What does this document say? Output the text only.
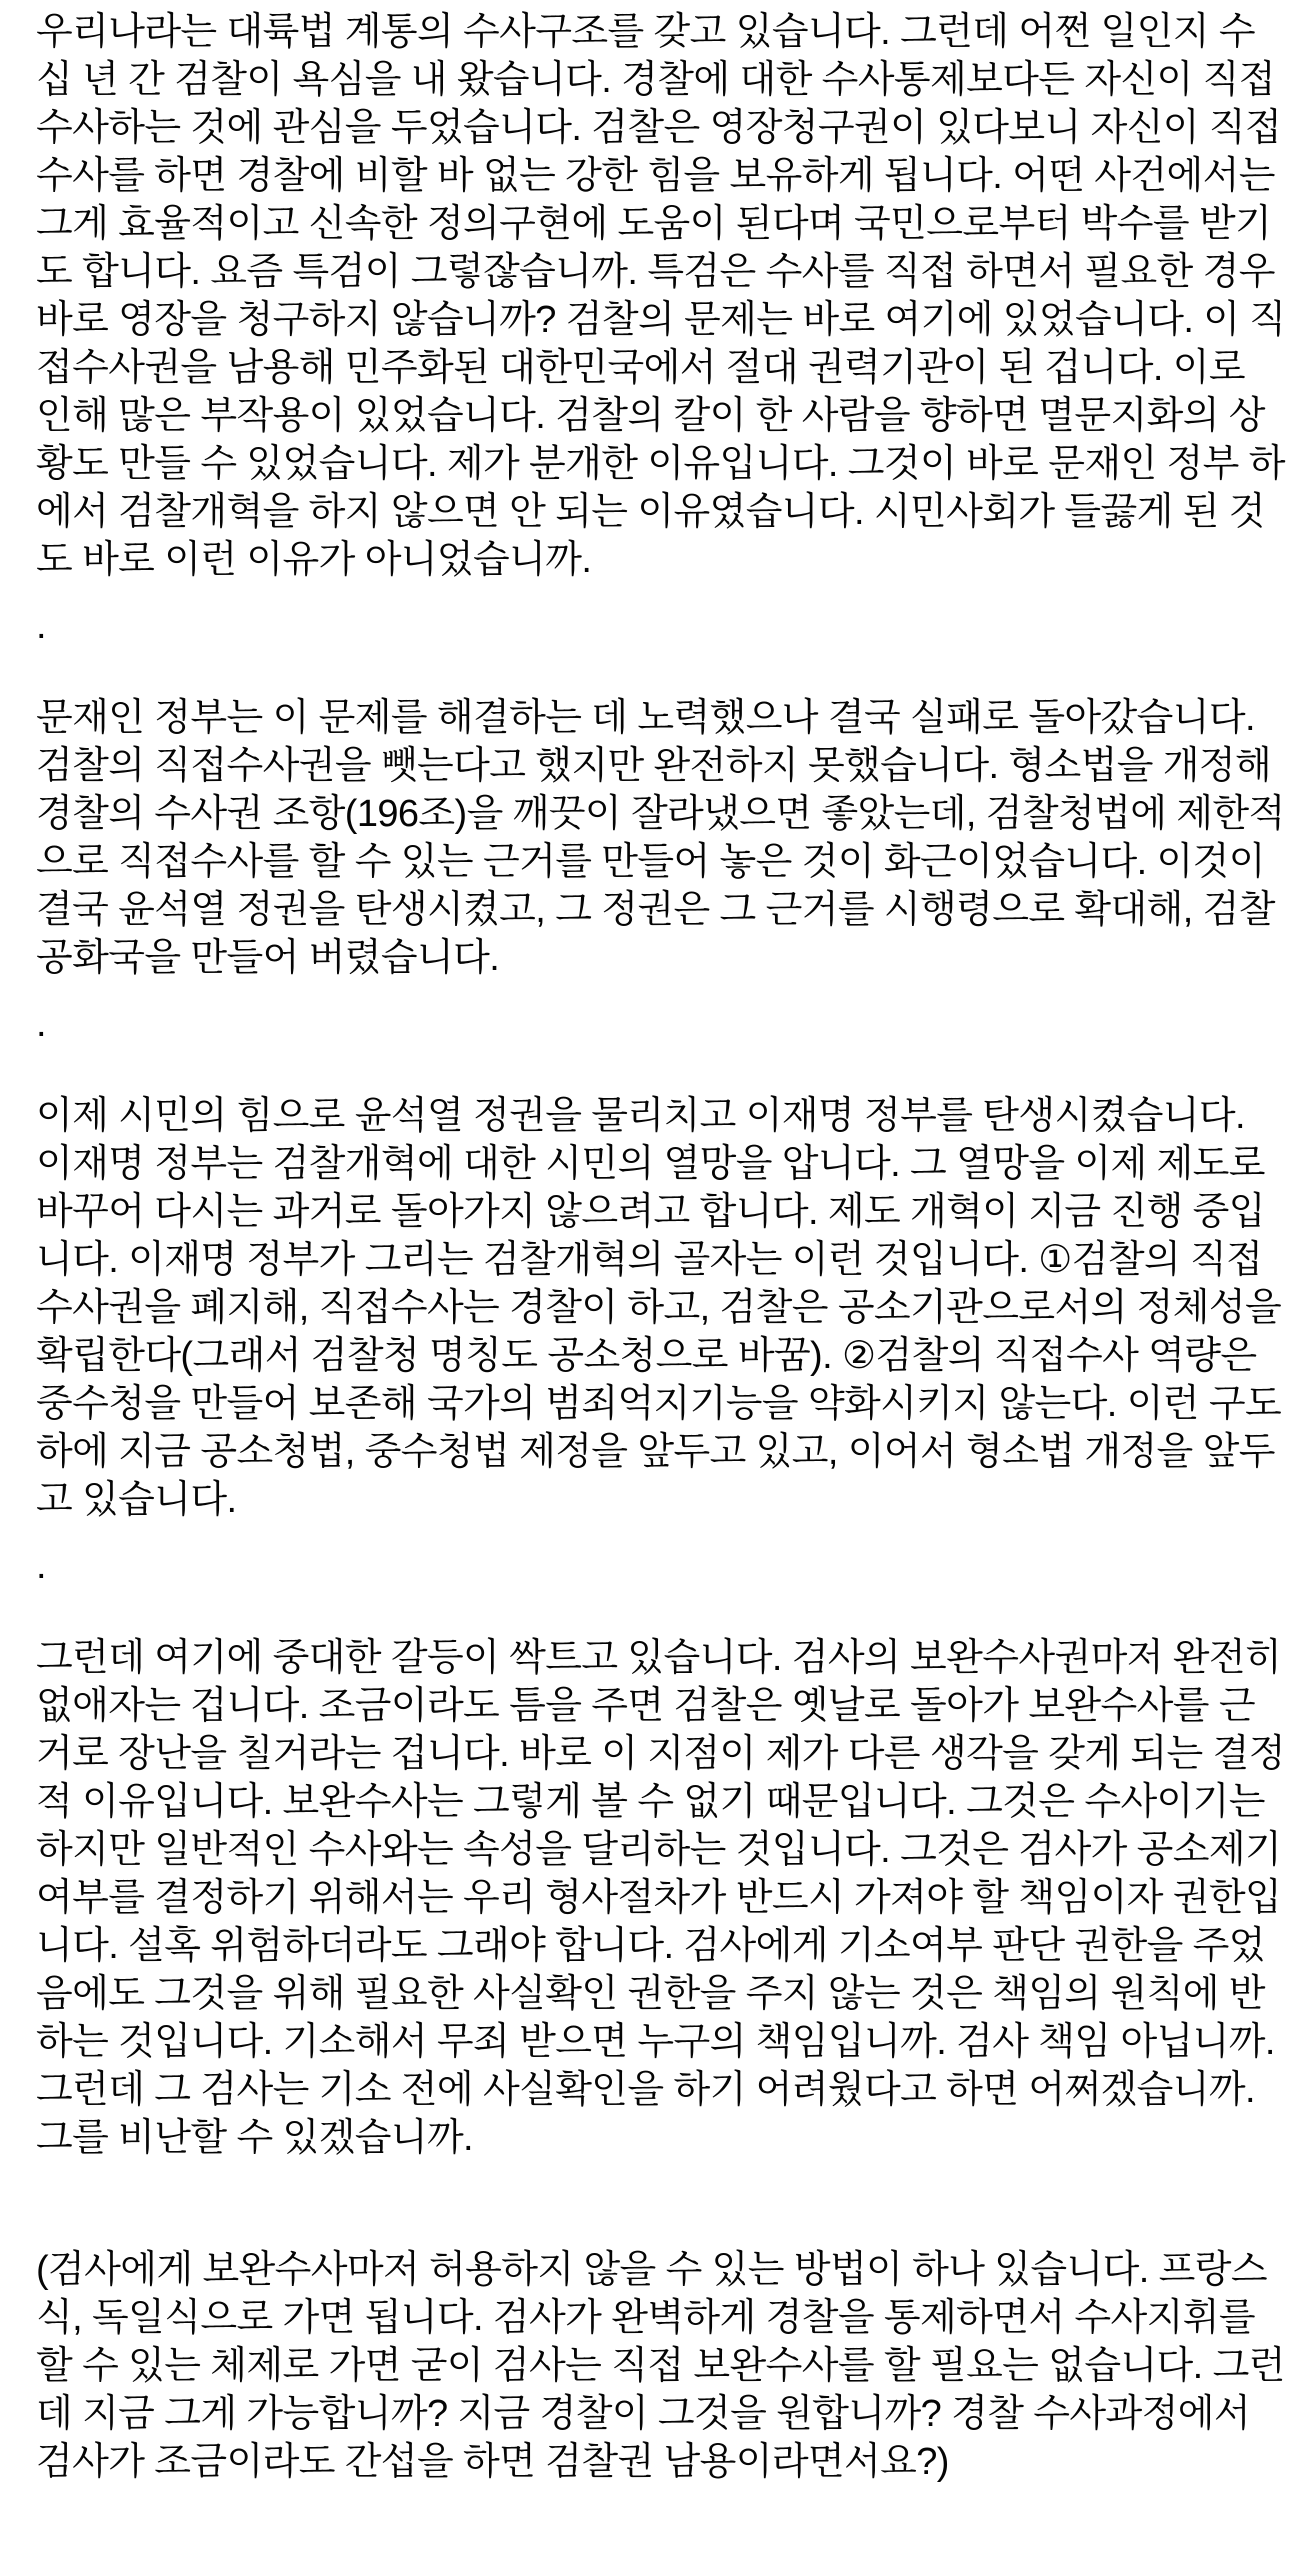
우리나라는 대륙법 계통의 수사구조를 갖고 있습니다. 그런데 어쩐 일인지 수십 년 간 검찰이 욕심을 내 왔습니다. 경찰에 대한 수사통제보다든 자신이 직접 수사하는 것에 관심을 두었습니다. 검찰은 영장청구권이 있다보니 자신이 직접 수사를 하면 경찰에 비할 바 없는 강한 힘을 보유하게 됩니다. 어떤 사건에서는 그게 효율적이고 신속한 정의구현에 도움이 된다며 국민으로부터 박수를 받기도 합니다. 요즘 특검이 그렇잖습니까. 특검은 수사를 직접 하면서 필요한 경우 바로 영장을 청구하지 않습니까? 검찰의 문제는 바로 여기에 있었습니다. 이 직접수사권을 남용해 민주화된 대한민국에서 절대 권력기관이 된 겁니다. 이로 인해 많은 부작용이 있었습니다. 검찰의 칼이 한 사람을 향하면 멸문지화의 상황도 만들 수 있었습니다. 제가 분개한 이유입니다. 그것이 바로 문재인 정부 하에서 검찰개혁을 하지 않으면 안 되는 이유였습니다. 시민사회가 들끓게 된 것도 바로 이런 이유가 아니었습니까.

.

문재인 정부는 이 문제를 해결하는 데 노력했으나 결국 실패로 돌아갔습니다. 검찰의 직접수사권을 뺏는다고 했지만 완전하지 못했습니다. 형소법을 개정해 경찰의 수사권 조항(196조)을 깨끗이 잘라냈으면 좋았는데, 검찰청법에 제한적으로 직접수사를 할 수 있는 근거를 만들어 놓은 것이 화근이었습니다. 이것이 결국 윤석열 정권을 탄생시켰고, 그 정권은 그 근거를 시행령으로 확대해, 검찰공화국을 만들어 버렸습니다.

.

이제 시민의 힘으로 윤석열 정권을 물리치고 이재명 정부를 탄생시켰습니다. 이재명 정부는 검찰개혁에 대한 시민의 열망을 압니다. 그 열망을 이제 제도로 바꾸어 다시는 과거로 돌아가지 않으려고 합니다. 제도 개혁이 지금 진행 중입니다. 이재명 정부가 그리는 검찰개혁의 골자는 이런 것입니다. ①검찰의 직접수사권을 폐지해, 직접수사는 경찰이 하고, 검찰은 공소기관으로서의 정체성을 확립한다(그래서 검찰청 명칭도 공소청으로 바꿈). ②검찰의 직접수사 역량은 중수청을 만들어 보존해 국가의 범죄억지기능을 약화시키지 않는다. 이런 구도 하에 지금 공소청법, 중수청법 제정을 앞두고 있고, 이어서 형소법 개정을 앞두고 있습니다.

.

그런데 여기에 중대한 갈등이 싹트고 있습니다. 검사의 보완수사권마저 완전히 없애자는 겁니다. 조금이라도 틈을 주면 검찰은 옛날로 돌아가 보완수사를 근거로 장난을 칠거라는 겁니다. 바로 이 지점이 제가 다른 생각을 갖게 되는 결정적 이유입니다. 보완수사는 그렇게 볼 수 없기 때문입니다. 그것은 수사이기는 하지만 일반적인 수사와는 속성을 달리하는 것입니다. 그것은 검사가 공소제기 여부를 결정하기 위해서는 우리 형사절차가 반드시 가져야 할 책임이자 권한입니다. 설혹 위험하더라도 그래야 합니다. 검사에게 기소여부 판단 권한을 주었음에도 그것을 위해 필요한 사실확인 권한을 주지 않는 것은 책임의 원칙에 반하는 것입니다. 기소해서 무죄 받으면 누구의 책임입니까. 검사 책임 아닙니까. 그런데 그 검사는 기소 전에 사실확인을 하기 어려웠다고 하면 어쩌겠습니까. 그를 비난할 수 있겠습니까.

(검사에게 보완수사마저 허용하지 않을 수 있는 방법이 하나 있습니다. 프랑스식, 독일식으로 가면 됩니다. 검사가 완벽하게 경찰을 통제하면서 수사지휘를 할 수 있는 체제로 가면 굳이 검사는 직접 보완수사를 할 필요는 없습니다. 그런데 지금 그게 가능합니까? 지금 경찰이 그것을 원합니까? 경찰 수사과정에서 검사가 조금이라도 간섭을 하면 검찰권 남용이라면서요?)
